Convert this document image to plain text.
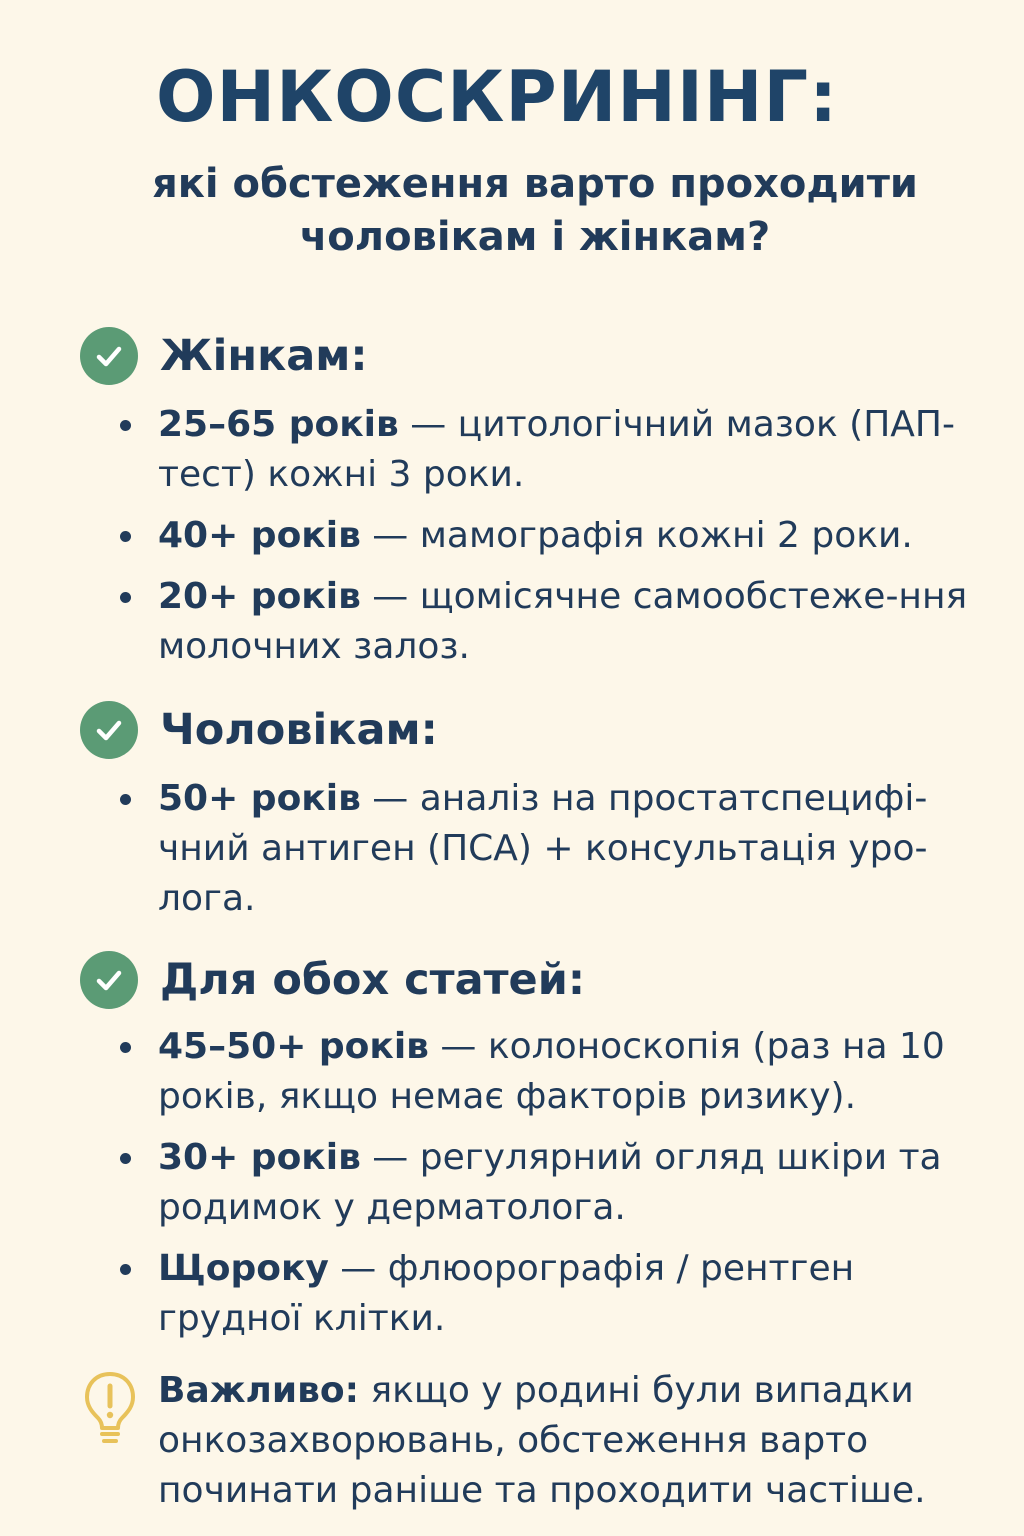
ОНКОСКРИНІНГ:
які обстеження варто проходити
чоловікам і жінкам?
Жінкам:
25–65 років — цитологічний мазок (ПАП-тест) кожні 3 роки.
40+ років — мамографія кожні 2 роки.
20+ років — щомісячне самообстеже-ння молочних залоз.
Чоловікам:
50+ років — аналіз на простатспецифі-чний антиген (ПСА) + консультація уро-лога.
Для обох статей:
45–50+ років — колоноскопія (раз на 10 років, якщо немає факторів ризику).
30+ років — регулярний огляд шкіри та родимок у дерматолога.
Щороку — флюорографія / рентген грудної клітки.
Важливо: якщо у родині були випадки онкозахворювань, обстеження варто починати раніше та проходити частіше.
